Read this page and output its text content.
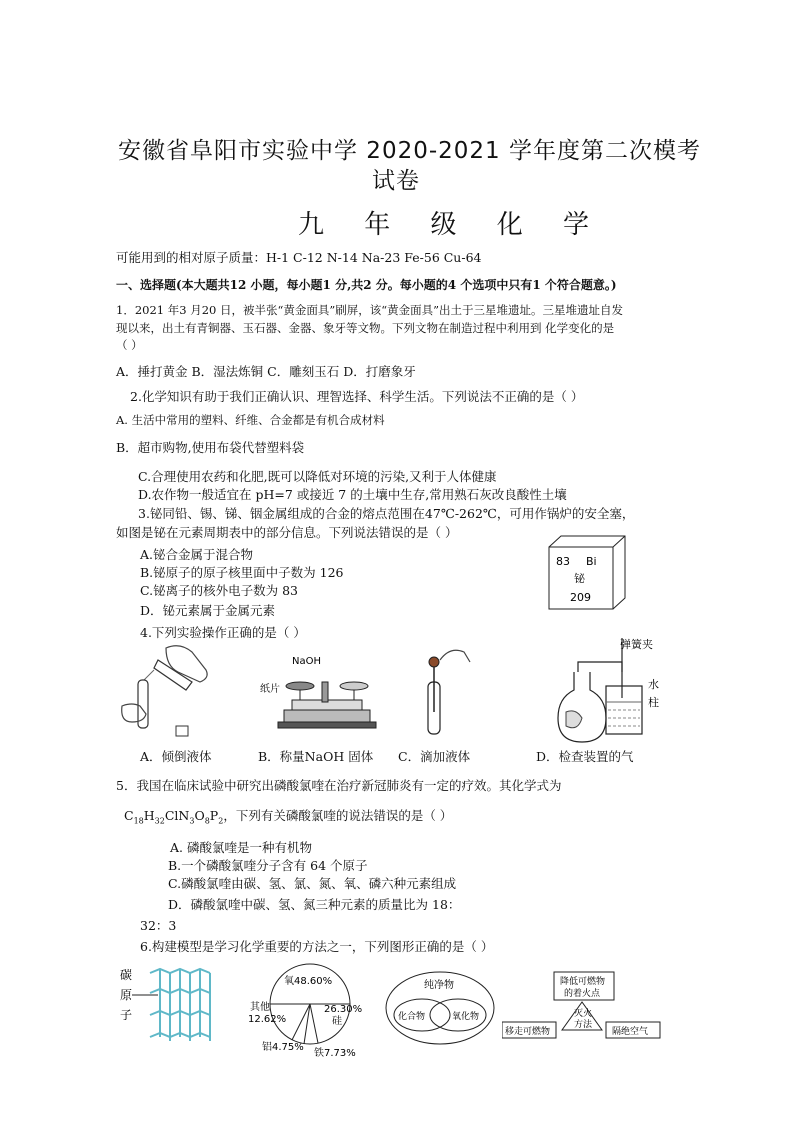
安徽省阜阳市实验中学 2020-2021 学年度第二次模考
试卷
九 年 级 化 学
可能用到的相对原子质量：H-1 C-12 N-14 Na-23 Fe-56 Cu-64
一、选择题(本大题共12 小题，每小题1 分,共2 分。每小题的4 个选项中只有1 个符合题意。)
1．2021 年3 月20 日，被半张“黄金面具”刷屏，该“黄金面具”出土于三星堆遗址。三星堆遗址自发
现以来，出土有青铜器、玉石器、金器、象牙等文物。下列文物在制造过程中利用到 化学变化的是
（ ）
A．捶打黄金 B．湿法炼铜 C．雕刻玉石 D．打磨象牙
2.化学知识有助于我们正确认识、理智选择、科学生活。下列说法不正确的是（ ）
A. 生活中常用的塑料、纤维、合金都是有机合成材料
B．超市购物,使用布袋代替塑料袋
C.合理使用农药和化肥,既可以降低对环境的污染,又利于人体健康
D.农作物一般适宜在 pH=7 或接近 7 的土壤中生存,常用熟石灰改良酸性土壤
3.铋同铅、锡、锑、铟金属组成的合金的熔点范围在47℃-262℃，可用作锅炉的安全塞，
如图是铋在元素周期表中的部分信息。下列说法错误的是（ ）
A.铋合金属于混合物
B.铋原子的原子核里面中子数为 126
C.铋离子的核外电子数为 83
D．铋元素属于金属元素
83 Bi
铋
209
4.下列实验操作正确的是（ ）
NaOH
纸片
弹簧夹
水
柱
A．倾倒液体	B．称量NaOH 固体 C．滴加液体	D．检查装置的气
5．我国在临床试验中研究出磷酸氯喹在治疗新冠肺炎有一定的疗效。其化学式为
$C_{18}H_{32}ClN_3O_8P_2$，下列有关磷酸氯喹的说法错误的是（ ）
A. 磷酸氯喹是一种有机物
B.一个磷酸氯喹分子含有 64 个原子
C.磷酸氯喹由碳、氢、氯、氮、氧、磷六种元素组成
D．磷酸氯喹中碳、氢、氮三种元素的质量比为 18：
32：3
6.构建模型是学习化学重要的方法之一，下列图形正确的是（ ）
碳
原
子
氧48.60%
26.30%
硅
其他
12.62%
铝4.75%
铁7.73%
纯净物
化合物	氧化物
降低可燃物
的着火点
灭火
方法
移走可燃物	隔绝空气
